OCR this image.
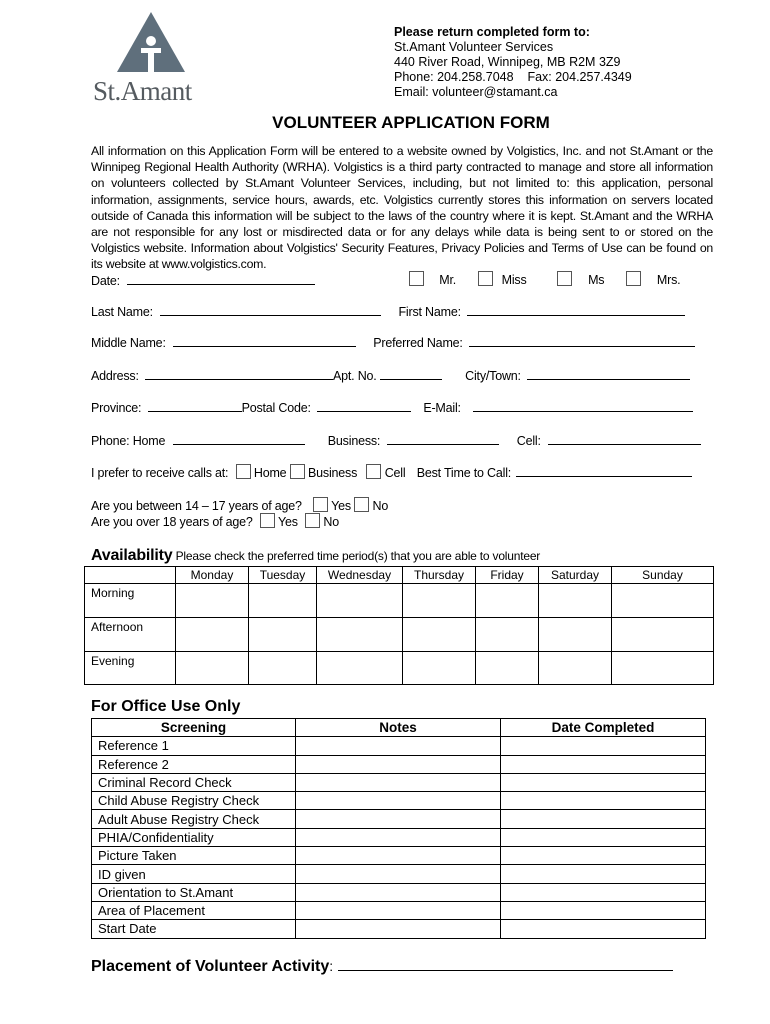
St.Amant
Please return completed form to:
St.Amant Volunteer Services
440 River Road, Winnipeg, MB R2M 3Z9
Phone: 204.258.7048    Fax: 204.257.4349
Email: volunteer@stamant.ca
VOLUNTEER APPLICATION FORM
All information on this Application Form will be entered to a website owned by Volgistics, Inc. and not St.Amant or the Winnipeg Regional Health Authority (WRHA). Volgistics is a third party contracted to manage and store all information on volunteers collected by St.Amant Volunteer Services, including, but not limited to: this application, personal information, assignments, service hours, awards, etc. Volgistics currently stores this information on servers located outside of Canada this information will be subject to the laws of the country where it is kept. St.Amant and the WRHA are not responsible for any lost or misdirected data or for any delays while data is being sent to or stored on the Volgistics website. Information about Volgistics' Security Features, Privacy Policies and Terms of Use can be found on its website at www.volgistics.com.
Date:	Mr.	Miss	Ms	Mrs.
Last Name:	First Name:
Middle Name:	Preferred Name:
Address:	Apt. No.	City/Town:
Province:	Postal Code:	E-Mail:
Phone: Home	Business:	Cell:
I prefer to receive calls at: Home Business Cell Best Time to Call:
Are you between 14 – 17 years of age? Yes No
Are you over 18 years of age? Yes No
Availability Please check the preferred time period(s) that you are able to volunteer
	Monday	Tuesday	Wednesday	Thursday	Friday	Saturday	Sunday
Morning							
Afternoon							
Evening							
For Office Use Only
Screening	Notes	Date Completed
Reference 1		
Reference 2		
Criminal Record Check		
Child Abuse Registry Check		
Adult Abuse Registry Check		
PHIA/Confidentiality		
Picture Taken		
ID given		
Orientation to St.Amant		
Area of Placement		
Start Date		
Placement of Volunteer Activity:
